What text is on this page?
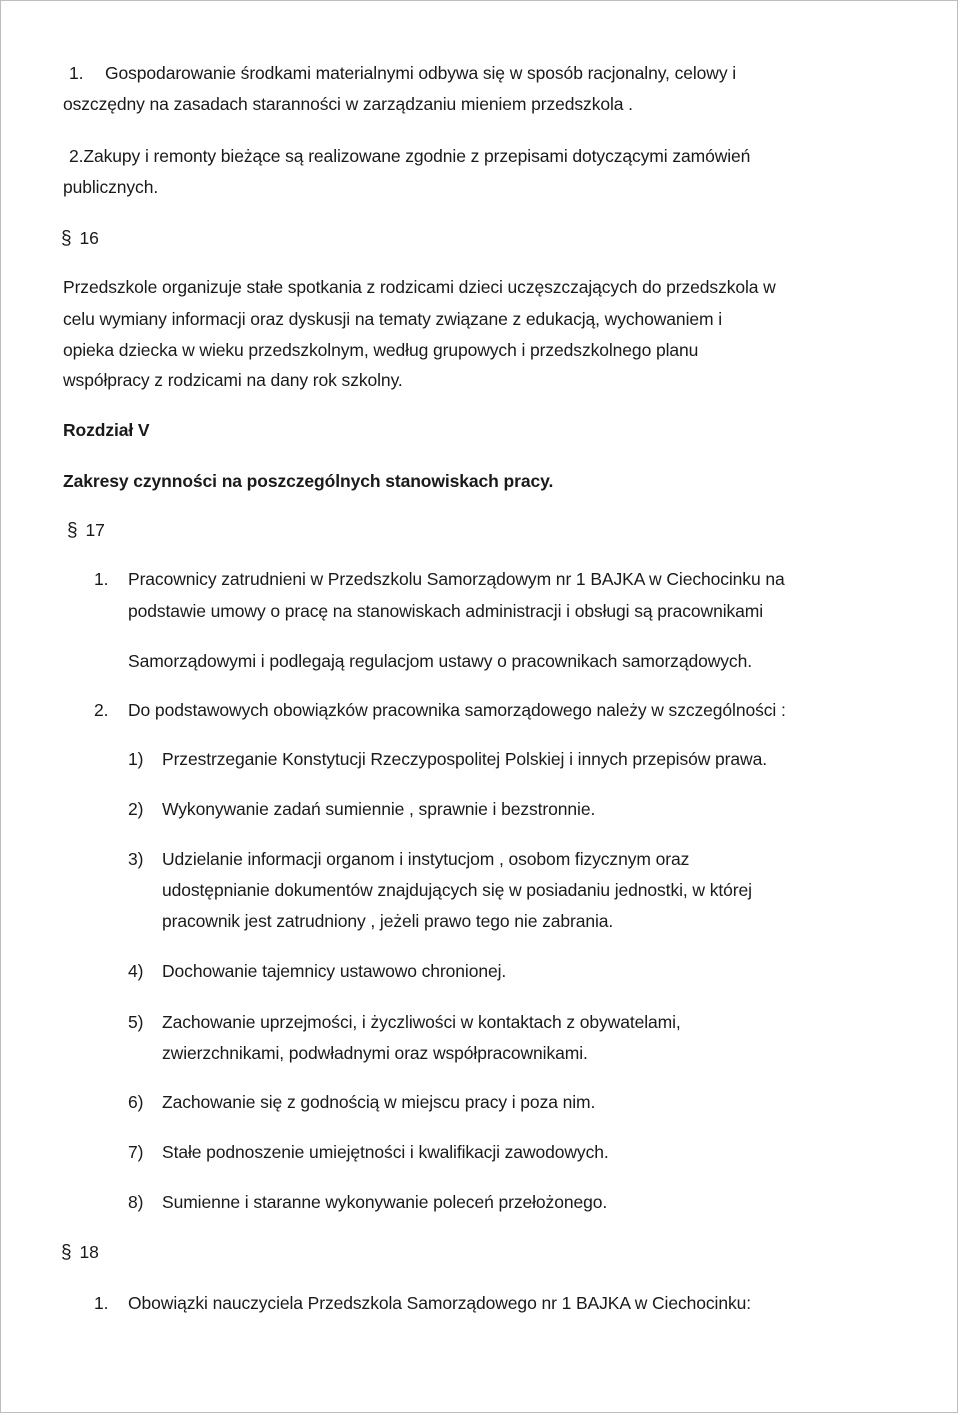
1. Gospodarowanie środkami materialnymi odbywa się w sposób racjonalny, celowy i
oszczędny na zasadach staranności w zarządzaniu mieniem przedszkola .
2.Zakupy i remonty bieżące są realizowane zgodnie z przepisami dotyczącymi zamówień
publicznych.
§ 16
Przedszkole organizuje stałe spotkania z rodzicami dzieci uczęszczających do przedszkola w
celu wymiany informacji oraz dyskusji na tematy związane z edukacją, wychowaniem i
opieka dziecka w wieku przedszkolnym, według grupowych i przedszkolnego planu
współpracy z rodzicami na dany rok szkolny.
Rozdział V
Zakresy czynności na poszczególnych stanowiskach pracy.
§ 17
1. Pracownicy zatrudnieni w Przedszkolu Samorządowym nr 1 BAJKA w Ciechocinku na
podstawie umowy o pracę na stanowiskach administracji i obsługi są pracownikami
Samorządowymi i podlegają regulacjom ustawy o pracownikach samorządowych.
2. Do podstawowych obowiązków pracownika samorządowego należy w szczególności :
1) Przestrzeganie Konstytucji Rzeczypospolitej Polskiej i innych przepisów prawa.
2) Wykonywanie zadań sumiennie , sprawnie i bezstronnie.
3) Udzielanie informacji organom i instytucjom , osobom fizycznym oraz
udostępnianie dokumentów znajdujących się w posiadaniu jednostki, w której
pracownik jest zatrudniony , jeżeli prawo tego nie zabrania.
4) Dochowanie tajemnicy ustawowo chronionej.
5) Zachowanie uprzejmości, i życzliwości w kontaktach z obywatelami,
zwierzchnikami, podwładnymi oraz współpracownikami.
6) Zachowanie się z godnością w miejscu pracy i poza nim.
7) Stałe podnoszenie umiejętności i kwalifikacji zawodowych.
8) Sumienne i staranne wykonywanie poleceń przełożonego.
§ 18
1. Obowiązki nauczyciela Przedszkola Samorządowego nr 1 BAJKA w Ciechocinku:
